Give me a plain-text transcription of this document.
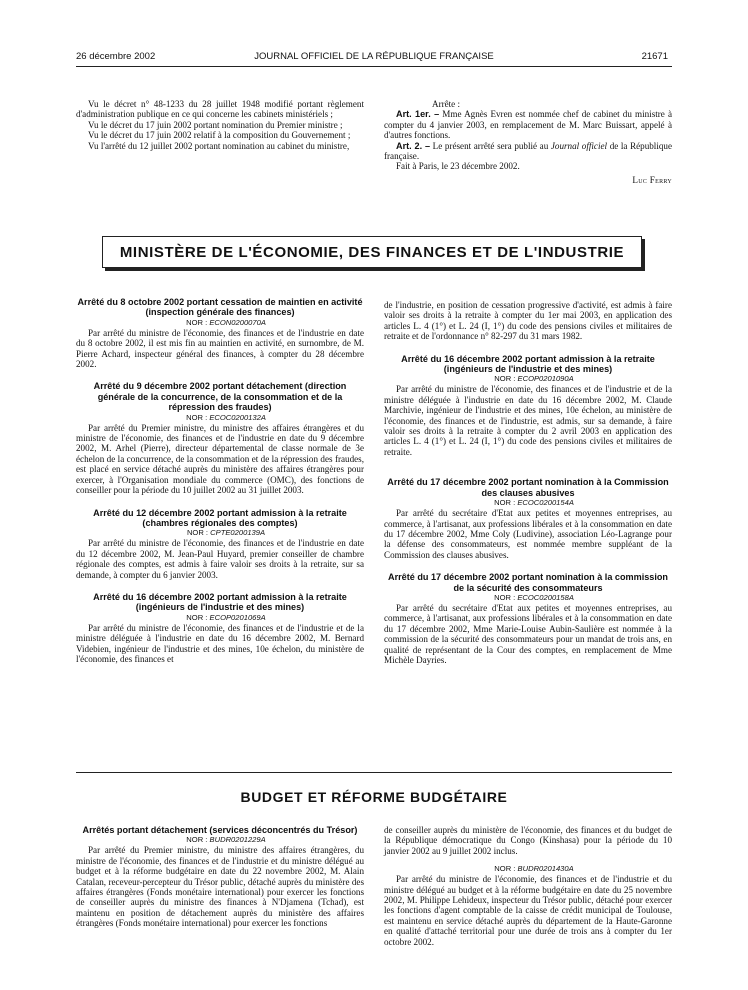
26 décembre 2002	JOURNAL OFFICIEL DE LA RÉPUBLIQUE FRANÇAISE	21671

Vu le décret n° 48-1233 du 28 juillet 1948 modifié portant règlement d'administration publique en ce qui concerne les cabinets ministériels ;

Vu le décret du 17 juin 2002 portant nomination du Premier ministre ;

Vu le décret du 17 juin 2002 relatif à la composition du Gouvernement ;

Vu l'arrêté du 12 juillet 2002 portant nomination au cabinet du ministre,

Arrête :

Art. 1er. – Mme Agnès Evren est nommée chef de cabinet du ministre à compter du 4 janvier 2003, en remplacement de M. Marc Buissart, appelé à d'autres fonctions.

Art. 2. – Le présent arrêté sera publié au Journal officiel de la République française.

Fait à Paris, le 23 décembre 2002.

Luc Ferry
MINISTÈRE DE L'ÉCONOMIE, DES FINANCES ET DE L'INDUSTRIE
Arrêté du 8 octobre 2002 portant cessation de maintien en activité (inspection générale des finances)

NOR : ECON0200070A

Par arrêté du ministre de l'économie, des finances et de l'industrie en date du 8 octobre 2002, il est mis fin au maintien en activité, en surnombre, de M. Pierre Achard, inspecteur général des finances, à compter du 28 décembre 2002.

Arrêté du 9 décembre 2002 portant détachement (direction générale de la concurrence, de la consommation et de la répression des fraudes)

NOR : ECOC0200132A

Par arrêté du Premier ministre, du ministre des affaires étrangères et du ministre de l'économie, des finances et de l'industrie en date du 9 décembre 2002, M. Arhel (Pierre), directeur départemental de classe normale de 3e échelon de la concurrence, de la consommation et de la répression des fraudes, est placé en service détaché auprès du ministère des affaires étrangères pour exercer, à l'Organisation mondiale du commerce (OMC), des fonctions de conseiller pour la période du 10 juillet 2002 au 31 juillet 2003.

Arrêté du 12 décembre 2002 portant admission à la retraite (chambres régionales des comptes)

NOR : CPTE0200139A

Par arrêté du ministre de l'économie, des finances et de l'industrie en date du 12 décembre 2002, M. Jean-Paul Huyard, premier conseiller de chambre régionale des comptes, est admis à faire valoir ses droits à la retraite, sur sa demande, à compter du 6 janvier 2003.

Arrêté du 16 décembre 2002 portant admission à la retraite (ingénieurs de l'industrie et des mines)

NOR : ECOP0201069A

Par arrêté du ministre de l'économie, des finances et de l'industrie et de la ministre déléguée à l'industrie en date du 16 décembre 2002, M. Bernard Videbien, ingénieur de l'industrie et des mines, 10e échelon, du ministère de l'économie, des finances et

de l'industrie, en position de cessation progressive d'activité, est admis à faire valoir ses droits à la retraite à compter du 1er mai 2003, en application des articles L. 4 (1°) et L. 24 (I, 1°) du code des pensions civiles et militaires de retraite et de l'ordonnance n° 82-297 du 31 mars 1982.

Arrêté du 16 décembre 2002 portant admission à la retraite (ingénieurs de l'industrie et des mines)

NOR : ECOP0201090A

Par arrêté du ministre de l'économie, des finances et de l'industrie et de la ministre déléguée à l'industrie en date du 16 décembre 2002, M. Claude Marchivie, ingénieur de l'industrie et des mines, 10e échelon, au ministère de l'économie, des finances et de l'industrie, est admis, sur sa demande, à faire valoir ses droits à la retraite à compter du 2 avril 2003 en application des articles L. 4 (1°) et L. 24 (I, 1°) du code des pensions civiles et militaires de retraite.

Arrêté du 17 décembre 2002 portant nomination à la Commission des clauses abusives

NOR : ECOC0200154A

Par arrêté du secrétaire d'Etat aux petites et moyennes entreprises, au commerce, à l'artisanat, aux professions libérales et à la consommation en date du 17 décembre 2002, Mme Coly (Ludivine), association Léo-Lagrange pour la défense des consommateurs, est nommée membre suppléant de la Commission des clauses abusives.

Arrêté du 17 décembre 2002 portant nomination à la commission de la sécurité des consommateurs

NOR : ECOC0200158A

Par arrêté du secrétaire d'Etat aux petites et moyennes entreprises, au commerce, à l'artisanat, aux professions libérales et à la consommation en date du 17 décembre 2002, Mme Marie-Louise Aubin-Saulière est nommée à la commission de la sécurité des consommateurs pour un mandat de trois ans, en qualité de représentant de la Cour des comptes, en remplacement de Mme Michèle Dayries.

BUDGET ET RÉFORME BUDGÉTAIRE
Arrêtés portant détachement (services déconcentrés du Trésor)

NOR : BUDR0201229A

Par arrêté du Premier ministre, du ministre des affaires étrangères, du ministre de l'économie, des finances et de l'industrie et du ministre délégué au budget et à la réforme budgétaire en date du 22 novembre 2002, M. Alain Catalan, receveur-percepteur du Trésor public, détaché auprès du ministère des affaires étrangères (Fonds monétaire international) pour exercer les fonctions de conseiller auprès du ministre des finances à N'Djamena (Tchad), est maintenu en position de détachement auprès du ministère des affaires étrangères (Fonds monétaire international) pour exercer les fonctions

de conseiller auprès du ministère de l'économie, des finances et du budget de la République démocratique du Congo (Kinshasa) pour la période du 10 janvier 2002 au 9 juillet 2002 inclus.

NOR : BUDR0201430A

Par arrêté du ministre de l'économie, des finances et de l'industrie et du ministre délégué au budget et à la réforme budgétaire en date du 25 novembre 2002, M. Philippe Lehideux, inspecteur du Trésor public, détaché pour exercer les fonctions d'agent comptable de la caisse de crédit municipal de Toulouse, est maintenu en service détaché auprès du département de la Haute-Garonne en qualité d'attaché territorial pour une durée de trois ans à compter du 1er octobre 2002.
